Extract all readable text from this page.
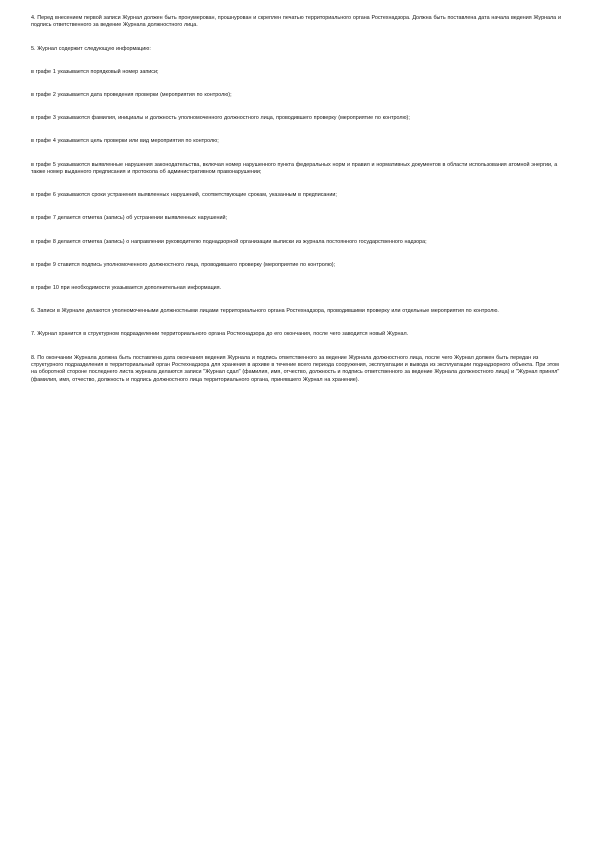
4. Перед внесением первой записи Журнал должен быть пронумерован, прошнурован и скреплен печатью территориального органа Ростехнадзора. Должна быть поставлена дата начала ведения Журнала и подпись ответственного за ведение Журнала должностного лица.

5. Журнал содержит следующую информацию:

в графе 1 указывается порядковый номер записи;

в графе 2 указывается дата проведения проверки (мероприятия по контролю);

в графе 3 указываются фамилия, инициалы и должность уполномоченного должностного лица, проводившего проверку (мероприятие по контролю);

в графе 4 указывается цель проверки или вид мероприятия по контролю;

в графе 5 указываются выявленные нарушения законодательства, включая номер нарушенного пункта федеральных норм и правил и нормативных документов в области использования атомной энергии, а также номер выданного предписания и протокола об административном правонарушении;

в графе 6 указываются сроки устранения выявленных нарушений, соответствующие срокам, указанным в предписании;

в графе 7 делается отметка (запись) об устранении выявленных нарушений;

в графе 8 делается отметка (запись) о направлении руководителю поднадзорной организации выписки из журнала постоянного государственного надзора;

в графе 9 ставится подпись уполномоченного должностного лица, проводившего проверку (мероприятие по контролю);

в графе 10 при необходимости указывается дополнительная информация.

6. Записи в Журнале делаются уполномоченными должностными лицами территориального органа Ростехнадзора, проводившими проверку или отдельные мероприятия по контролю.

7. Журнал хранится в структурном подразделении территориального органа Ростехнадзора до его окончания, после чего заводится новый Журнал.

8. По окончании Журнала должна быть поставлена дата окончания ведения Журнала и подпись ответственного за ведение Журнала должностного лица, после чего Журнал должен быть передан из структурного подразделения в территориальный орган Ростехнадзора для хранения в архиве в течение всего периода сооружения, эксплуатации и вывода из эксплуатации поднадзорного объекта. При этом на оборотной стороне последнего листа журнала делаются записи "Журнал сдал" (фамилия, имя, отчество, должность и подпись ответственного за ведение Журнала должностного лица) и "Журнал принял" (фамилия, имя, отчество, должность и подпись должностного лица территориального органа, принявшего Журнал на хранение).
